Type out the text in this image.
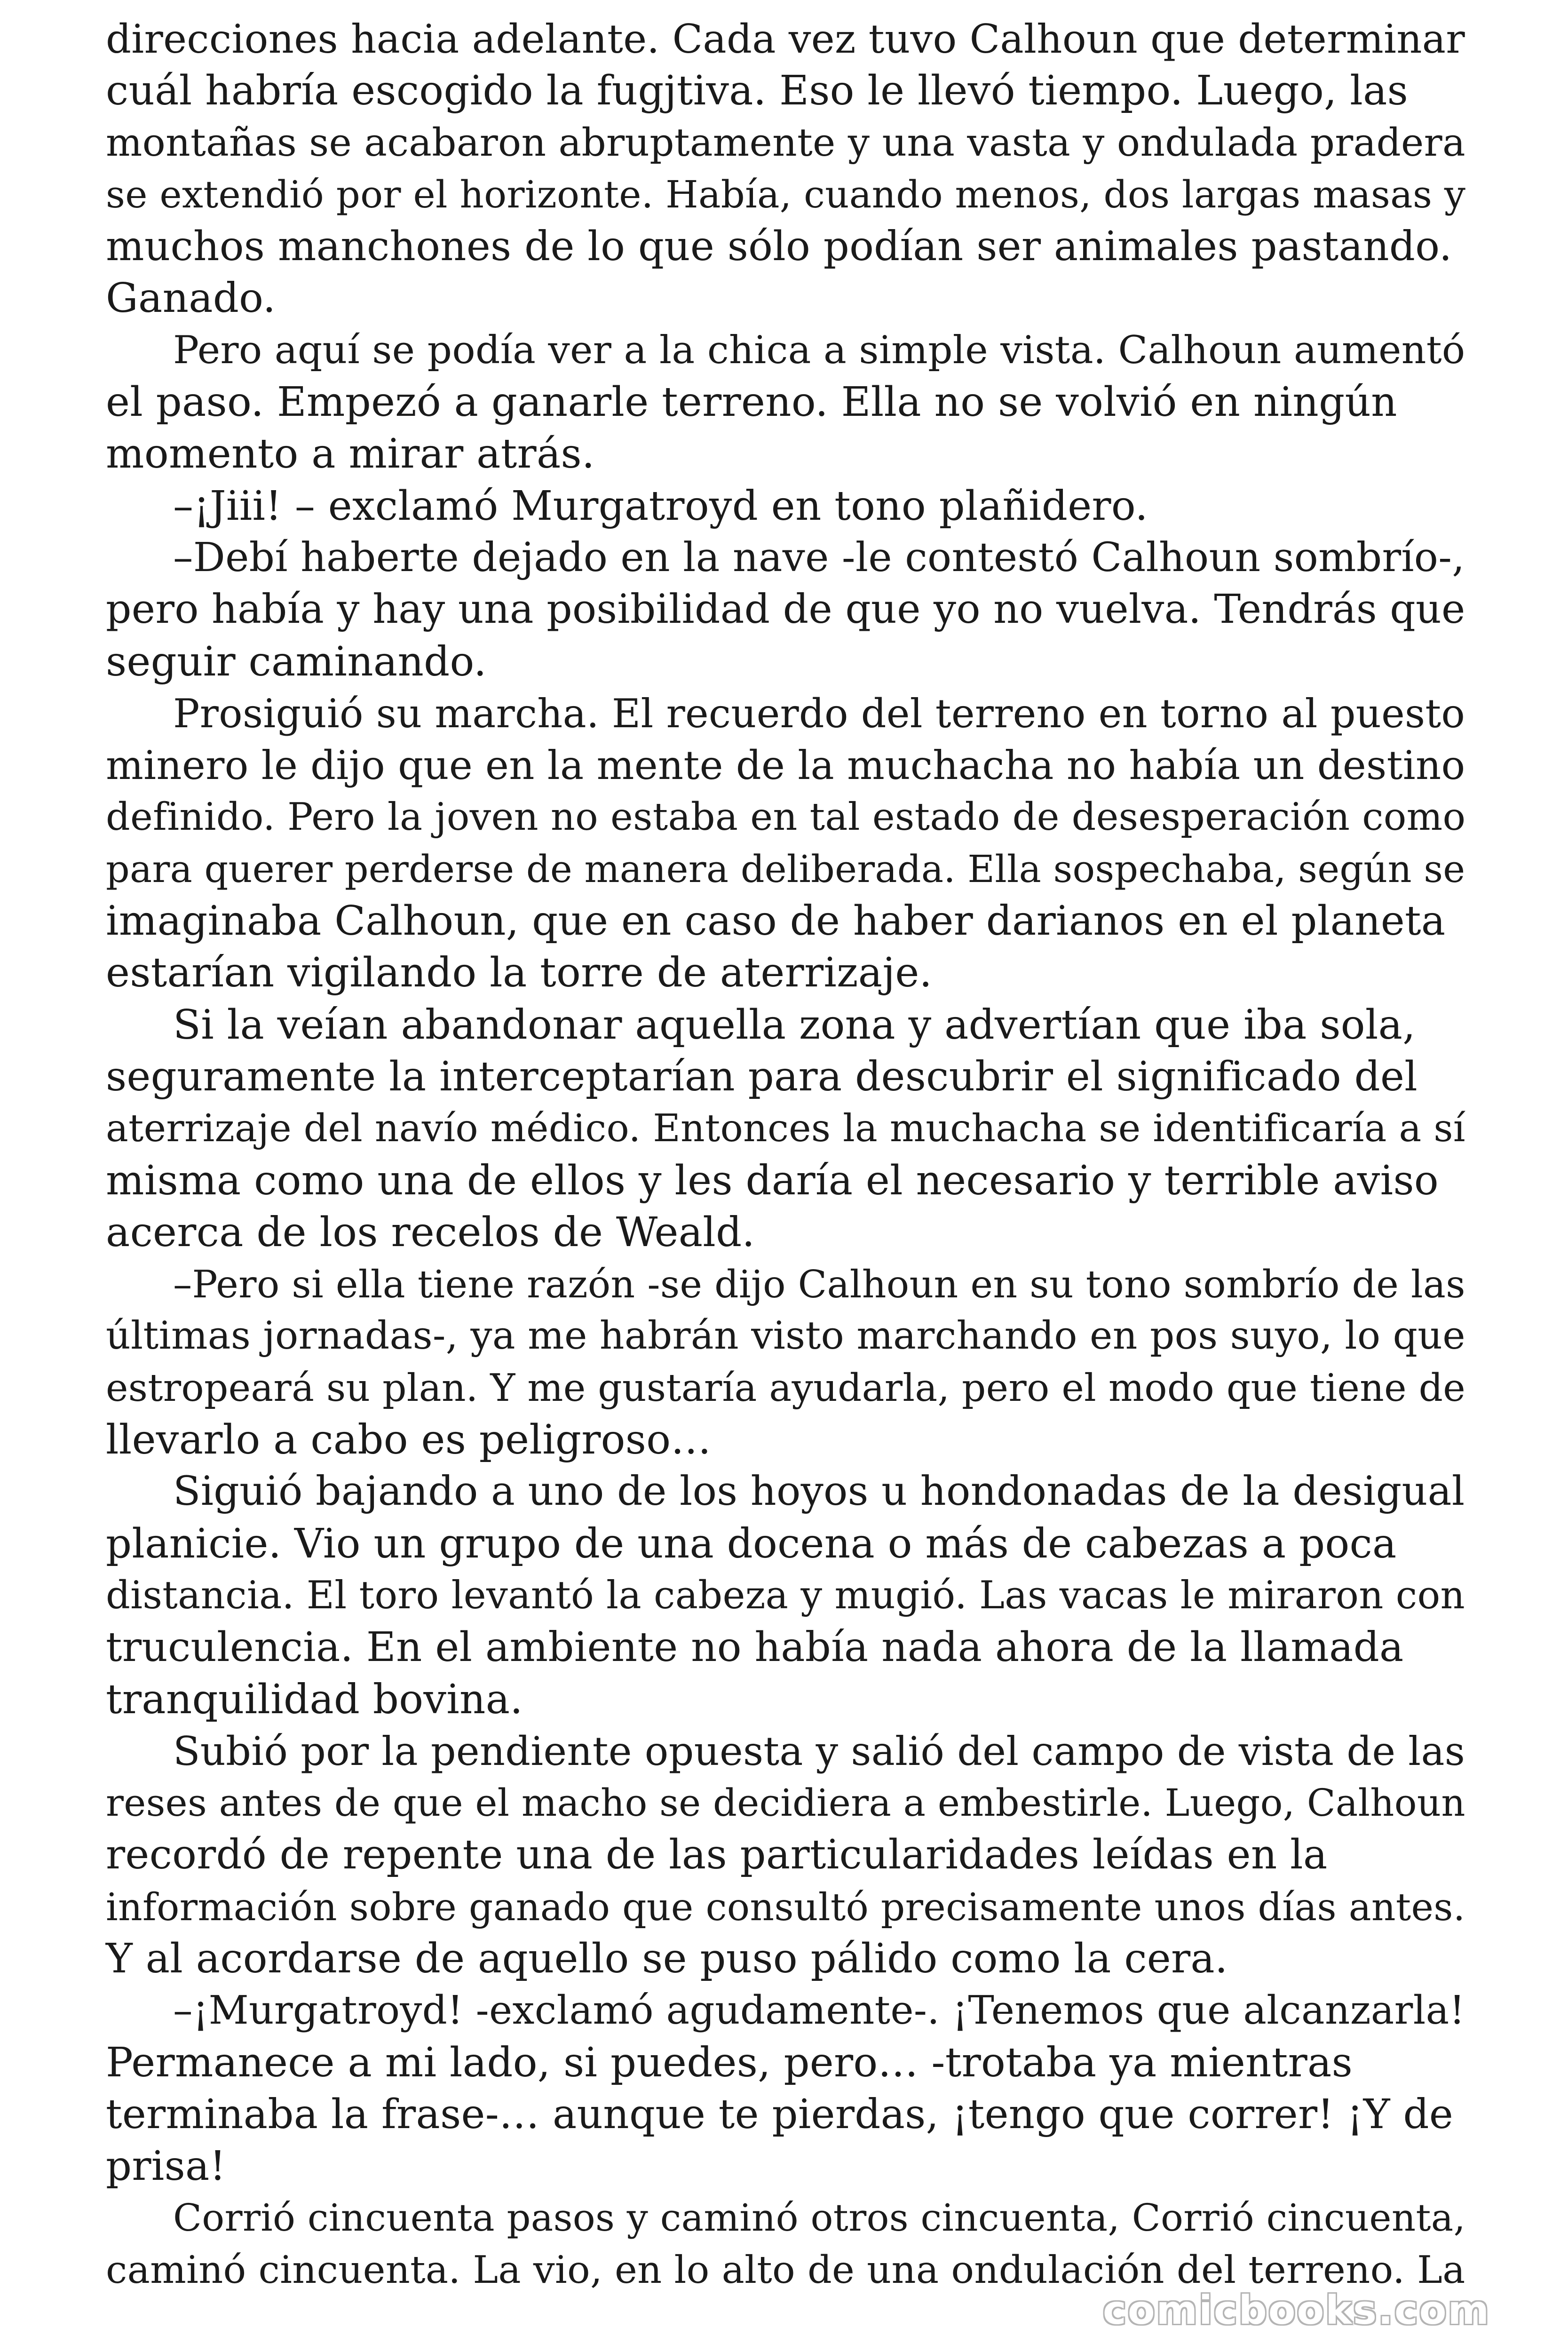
direcciones hacia adelante. Cada vez tuvo Calhoun que determinar
cuál habría escogido la fugjtiva. Eso le llevó tiempo. Luego, las
montañas se acabaron abruptamente y una vasta y ondulada pradera
se extendió por el horizonte. Había, cuando menos, dos largas masas y
muchos manchones de lo que sólo podían ser animales pastando.
Ganado.
Pero aquí se podía ver a la chica a simple vista. Calhoun aumentó
el paso. Empezó a ganarle terreno. Ella no se volvió en ningún
momento a mirar atrás.
–¡Jiii! – exclamó Murgatroyd en tono plañidero.
–Debí haberte dejado en la nave -le contestó Calhoun sombrío-,
pero había y hay una posibilidad de que yo no vuelva. Tendrás que
seguir caminando.
Prosiguió su marcha. El recuerdo del terreno en torno al puesto
minero le dijo que en la mente de la muchacha no había un destino
definido. Pero la joven no estaba en tal estado de desesperación como
para querer perderse de manera deliberada. Ella sospechaba, según se
imaginaba Calhoun, que en caso de haber darianos en el planeta
estarían vigilando la torre de aterrizaje.
Si la veían abandonar aquella zona y advertían que iba sola,
seguramente la interceptarían para descubrir el significado del
aterrizaje del navío médico. Entonces la muchacha se identificaría a sí
misma como una de ellos y les daría el necesario y terrible aviso
acerca de los recelos de Weald.
–Pero si ella tiene razón -se dijo Calhoun en su tono sombrío de las
últimas jornadas-, ya me habrán visto marchando en pos suyo, lo que
estropeará su plan. Y me gustaría ayudarla, pero el modo que tiene de
llevarlo a cabo es peligroso…
Siguió bajando a uno de los hoyos u hondonadas de la desigual
planicie. Vio un grupo de una docena o más de cabezas a poca
distancia. El toro levantó la cabeza y mugió. Las vacas le miraron con
truculencia. En el ambiente no había nada ahora de la llamada
tranquilidad bovina.
Subió por la pendiente opuesta y salió del campo de vista de las
reses antes de que el macho se decidiera a embestirle. Luego, Calhoun
recordó de repente una de las particularidades leídas en la
información sobre ganado que consultó precisamente unos días antes.
Y al acordarse de aquello se puso pálido como la cera.
–¡Murgatroyd! -exclamó agudamente-. ¡Tenemos que alcanzarla!
Permanece a mi lado, si puedes, pero… -trotaba ya mientras
terminaba la frase-… aunque te pierdas, ¡tengo que correr! ¡Y de
prisa!
Corrió cincuenta pasos y caminó otros cincuenta, Corrió cincuenta,
caminó cincuenta. La vio, en lo alto de una ondulación del terreno. La
comicbooks.com
